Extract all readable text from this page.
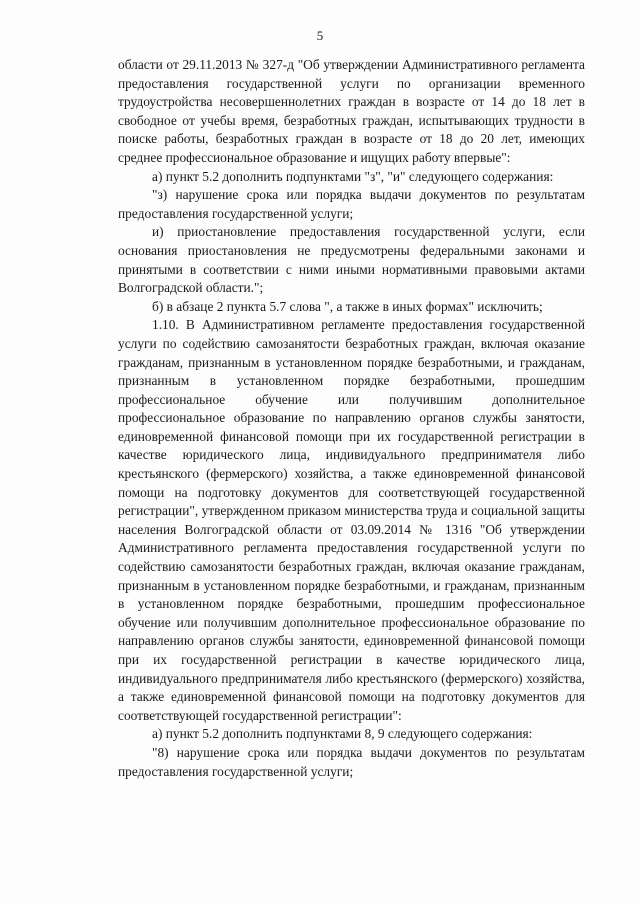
5

области от 29.11.2013 № 327-д "Об утверждении Административного регламента предоставления государственной услуги по организации временного трудоустройства несовершеннолетних граждан в возрасте от 14 до 18 лет в свободное от учебы время, безработных граждан, испытывающих трудности в поиске работы, безработных граждан в возрасте от 18 до 20 лет, имеющих среднее профессиональное образование и ищущих работу впервые":

а) пункт 5.2 дополнить подпунктами "з", "и" следующего содержания:

"з) нарушение срока или порядка выдачи документов по результатам предоставления государственной услуги;

и) приостановление предоставления государственной услуги, если основания приостановления не предусмотрены федеральными законами и принятыми в соответствии с ними иными нормативными правовыми актами Волгоградской области.";

б) в абзаце 2 пункта 5.7 слова ", а также в иных формах" исключить;

1.10. В Административном регламенте предоставления государственной услуги по содействию самозанятости безработных граждан, включая оказание гражданам, признанным в установленном порядке безработными, и гражданам, признанным в установленном порядке безработными, прошедшим профессиональное обучение или получившим дополнительное профессиональное образование по направлению органов службы занятости, единовременной финансовой помощи при их государственной регистрации в качестве юридического лица, индивидуального предпринимателя либо крестьянского (фермерского) хозяйства, а также единовременной финансовой помощи на подготовку документов для соответствующей государственной регистрации", утвержденном приказом министерства труда и социальной защиты населения Волгоградской области от 03.09.2014 № 1316 "Об утверждении Административного регламента предоставления государственной услуги по содействию самозанятости безработных граждан, включая оказание гражданам, признанным в установленном порядке безработными, и гражданам, признанным в установленном порядке безработными, прошедшим профессиональное обучение или получившим дополнительное профессиональное образование по направлению органов службы занятости, единовременной финансовой помощи при их государственной регистрации в качестве юридического лица, индивидуального предпринимателя либо крестьянского (фермерского) хозяйства, а также единовременной финансовой помощи на подготовку документов для соответствующей государственной регистрации":

а) пункт 5.2 дополнить подпунктами 8, 9 следующего содержания:

"8) нарушение срока или порядка выдачи документов по результатам предоставления государственной услуги;
